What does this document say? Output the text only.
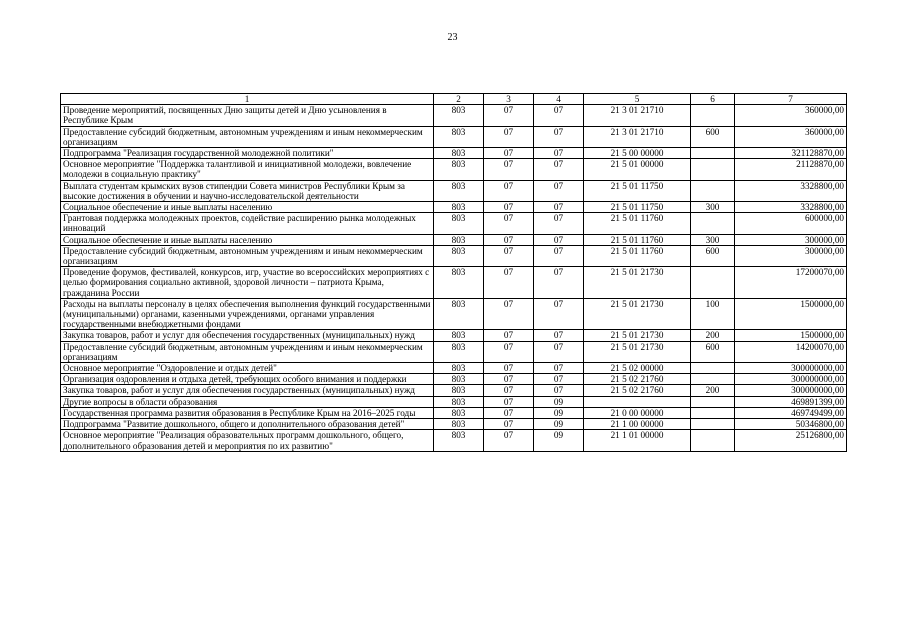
23
1	2	3	4	5	6	7
Проведение мероприятий, посвященных Дню защиты детей и Дню усыновления в Республике Крым	803	07	07	21 3 01 21710		360000,00
Предоставление субсидий бюджетным, автономным учреждениям и иным некоммерческим организациям	803	07	07	21 3 01 21710	600	360000,00
Подпрограмма "Реализация государственной молодежной политики"	803	07	07	21 5 00 00000		321128870,00
Основное мероприятие "Поддержка талантливой и инициативной молодежи, вовлечение молодежи в социальную практику"	803	07	07	21 5 01 00000		21128870,00
Выплата студентам крымских вузов стипендии Совета министров Республики Крым за высокие достижения в обучении и научно-исследовательской деятельности	803	07	07	21 5 01 11750		3328800,00
Социальное обеспечение и иные выплаты населению	803	07	07	21 5 01 11750	300	3328800,00
Грантовая поддержка молодежных проектов, содействие расширению рынка молодежных инноваций	803	07	07	21 5 01 11760		600000,00
Социальное обеспечение и иные выплаты населению	803	07	07	21 5 01 11760	300	300000,00
Предоставление субсидий бюджетным, автономным учреждениям и иным некоммерческим организациям	803	07	07	21 5 01 11760	600	300000,00
Проведение форумов, фестивалей, конкурсов, игр, участие во всероссийских мероприятиях с целью формирования социально активной, здоровой личности – патриота Крыма, гражданина России	803	07	07	21 5 01 21730		17200070,00
Расходы на выплаты персоналу в целях обеспечения выполнения функций государственными (муниципальными) органами, казенными учреждениями, органами управления государственными внебюджетными фондами	803	07	07	21 5 01 21730	100	1500000,00
Закупка товаров, работ и услуг для обеспечения государственных (муниципальных) нужд	803	07	07	21 5 01 21730	200	1500000,00
Предоставление субсидий бюджетным, автономным учреждениям и иным некоммерческим организациям	803	07	07	21 5 01 21730	600	14200070,00
Основное мероприятие "Оздоровление и отдых детей"	803	07	07	21 5 02 00000		300000000,00
Организация оздоровления и отдыха детей, требующих особого внимания и поддержки	803	07	07	21 5 02 21760		300000000,00
Закупка товаров, работ и услуг для обеспечения государственных (муниципальных) нужд	803	07	07	21 5 02 21760	200	300000000,00
Другие вопросы в области образования	803	07	09			469891399,00
Государственная программа развития образования в Республике Крым на 2016–2025 годы	803	07	09	21 0 00 00000		469749499,00
Подпрограмма "Развитие дошкольного, общего и дополнительного образования детей"	803	07	09	21 1 00 00000		50346800,00
Основное мероприятие "Реализация образовательных программ дошкольного, общего, дополнительного образования детей и мероприятия по их развитию"	803	07	09	21 1 01 00000		25126800,00
